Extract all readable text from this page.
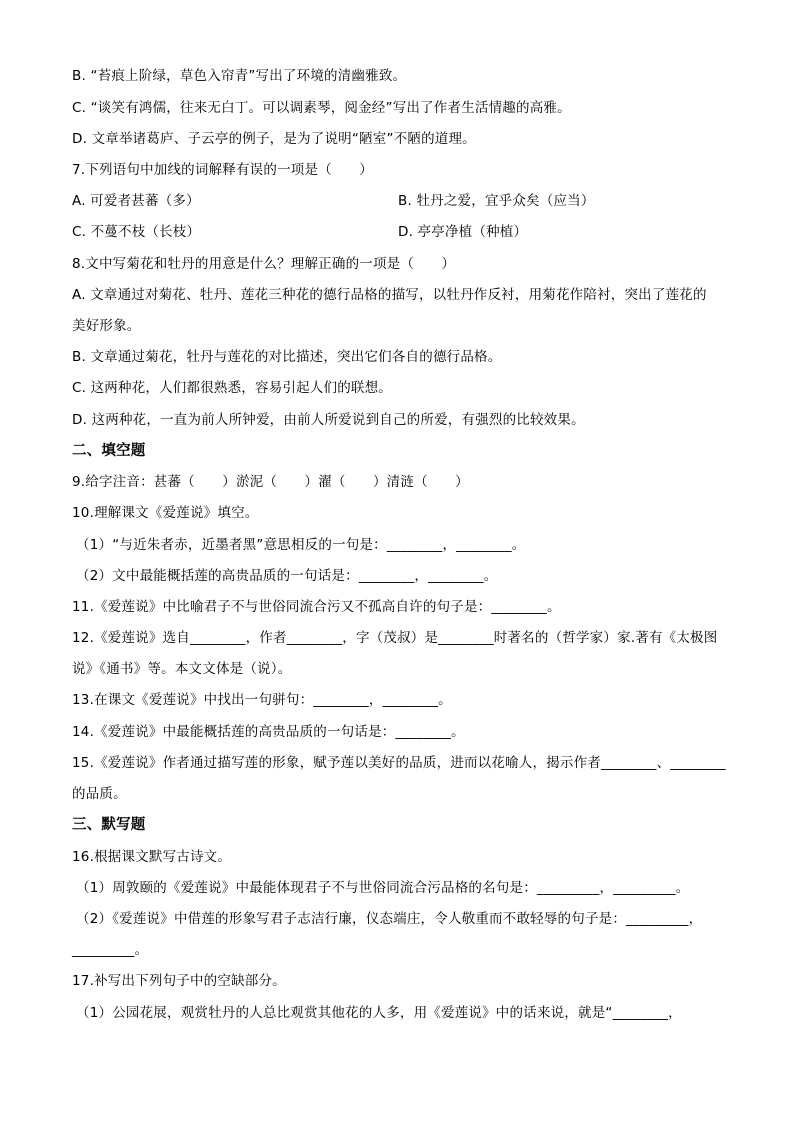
B. “苔痕上阶绿，草色入帘青”写出了环境的清幽雅致。
C. “谈笑有鸿儒，往来无白丁。可以调素琴，阅金经”写出了作者生活情趣的高雅。
D. 文章举诸葛庐、子云亭的例子，是为了说明“陋室”不陋的道理。
7.下列语句中加线的词解释有误的一项是（　　）
A. 可爱者甚蕃（多）	B. 牡丹之爱，宜乎众矣（应当）
C. 不蔓不枝（长枝）	D. 亭亭净植（种植）
8.文中写菊花和牡丹的用意是什么？理解正确的一项是（　　）
A. 文章通过对菊花、牡丹、莲花三种花的德行品格的描写，以牡丹作反衬，用菊花作陪衬，突出了莲花的
美好形象。
B. 文章通过菊花，牡丹与莲花的对比描述，突出它们各自的德行品格。
C. 这两种花，人们都很熟悉，容易引起人们的联想。
D. 这两种花，一直为前人所钟爱，由前人所爱说到自己的所爱，有强烈的比较效果。
二、填空题
9.给字注音：甚蕃（　　）淤泥（　　）濯（　　）清涟（　　）
10.理解课文《爱莲说》填空。
（1）“与近朱者赤，近墨者黑”意思相反的一句是：________，________。
（2）文中最能概括莲的高贵品质的一句话是：________，________。
11.《爱莲说》中比喻君子不与世俗同流合污又不孤高自许的句子是：________。
12.《爱莲说》选自________，作者________，字（茂叔）是________时著名的（哲学家）家.著有《太极图
说》《通书》等。本文文体是（说）。
13.在课文《爱莲说》中找出一句骈句：________，________。
14.《爱莲说》中最能概括莲的高贵品质的一句话是：________。
15.《爱莲说》作者通过描写莲的形象，赋予莲以美好的品质，进而以花喻人，揭示作者________、________
的品质。
三、默写题
16.根据课文默写古诗文。
（1）周敦颐的《爱莲说》中最能体现君子不与世俗同流合污品格的名句是：_________，_________。
（2）《爱莲说》中借莲的形象写君子志洁行廉，仪态端庄，令人敬重而不敢轻辱的句子是：_________，
_________。
17.补写出下列句子中的空缺部分。
（1）公园花展，观赏牡丹的人总比观赏其他花的人多，用《爱莲说》中的话来说，就是“________，
